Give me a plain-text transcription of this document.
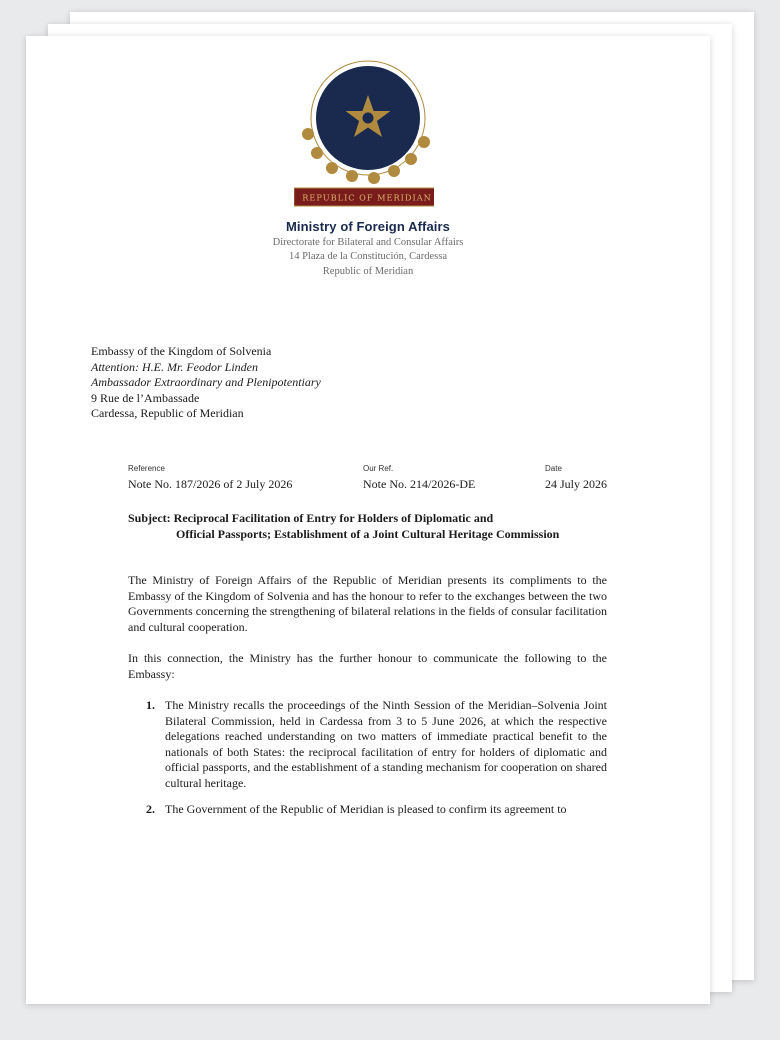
REPUBLIC OF MERIDIAN
Ministry of Foreign Affairs
Directorate for Bilateral and Consular Affairs
14 Plaza de la Constitución, Cardessa
Republic of Meridian
Embassy of the Kingdom of Solvenia
Attention: H.E. Mr. Feodor Linden
Ambassador Extraordinary and Plenipotentiary
9 Rue de l’Ambassade
Cardessa, Republic of Meridian
Reference
Note No. 187/2026 of 2 July 2026
Our Ref.
Note No. 214/2026-DE
Date
24 July 2026
Subject: Reciprocal Facilitation of Entry for Holders of Diplomatic and
Official Passports; Establishment of a Joint Cultural Heritage Commission
The Ministry of Foreign Affairs of the Republic of Meridian presents its compliments to the Embassy of the Kingdom of Solvenia and has the honour to refer to the exchanges between the two Governments concerning the strengthening of bilateral relations in the fields of consular facilitation and cultural cooperation.
In this connection, the Ministry has the further honour to communicate the following to the Embassy:
1. The Ministry recalls the proceedings of the Ninth Session of the Meridian–Solvenia Joint Bilateral Commission, held in Cardessa from 3 to 5 June 2026, at which the respective delegations reached understanding on two matters of immediate practical benefit to the nationals of both States: the reciprocal facilitation of entry for holders of diplomatic and official passports, and the establishment of a standing mechanism for cooperation on shared cultural heritage.
2. The Government of the Republic of Meridian is pleased to confirm its agreement to
